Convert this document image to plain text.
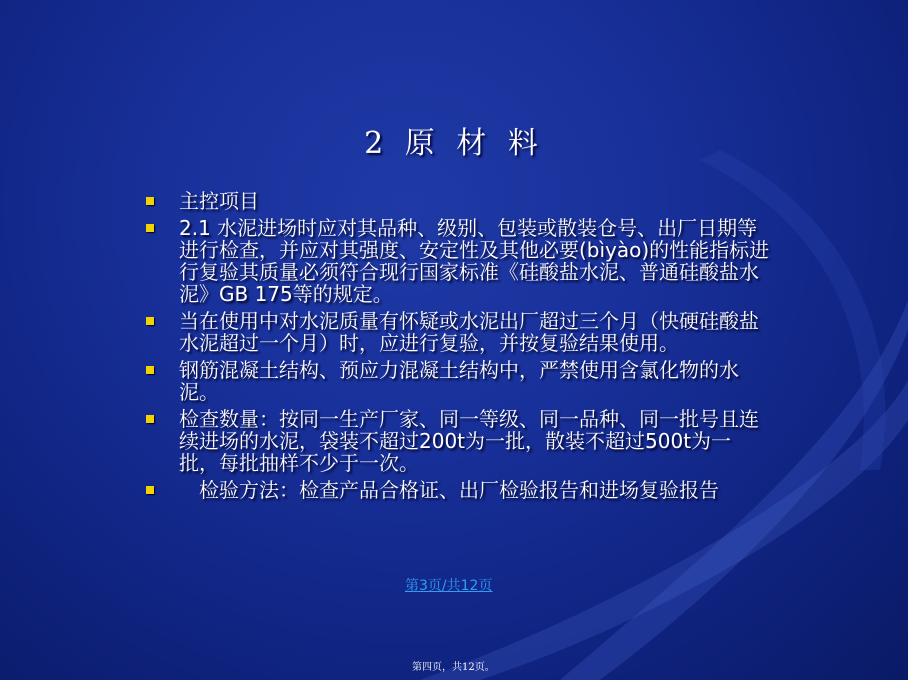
2 原 材 料
主控项目
2.1 水泥进场时应对其品种、级别、包装或散装仓号、出厂日期等进行检查，并应对其强度、安定性及其他必要(bìyào)的性能指标进行复验其质量必须符合现行国家标准《硅酸盐水泥、普通硅酸盐水泥》GB 175等的规定。
当在使用中对水泥质量有怀疑或水泥出厂超过三个月（快硬硅酸盐水泥超过一个月）时，应进行复验，并按复验结果使用。
钢筋混凝土结构、预应力混凝土结构中，严禁使用含氯化物的水泥。
检查数量：按同一生产厂家、同一等级、同一品种、同一批号且连续进场的水泥，袋装不超过200t为一批，散装不超过500t为一批，每批抽样不少于一次。
　检验方法：检查产品合格证、出厂检验报告和进场复验报告
第3页/共12页
第四页，共12页。
